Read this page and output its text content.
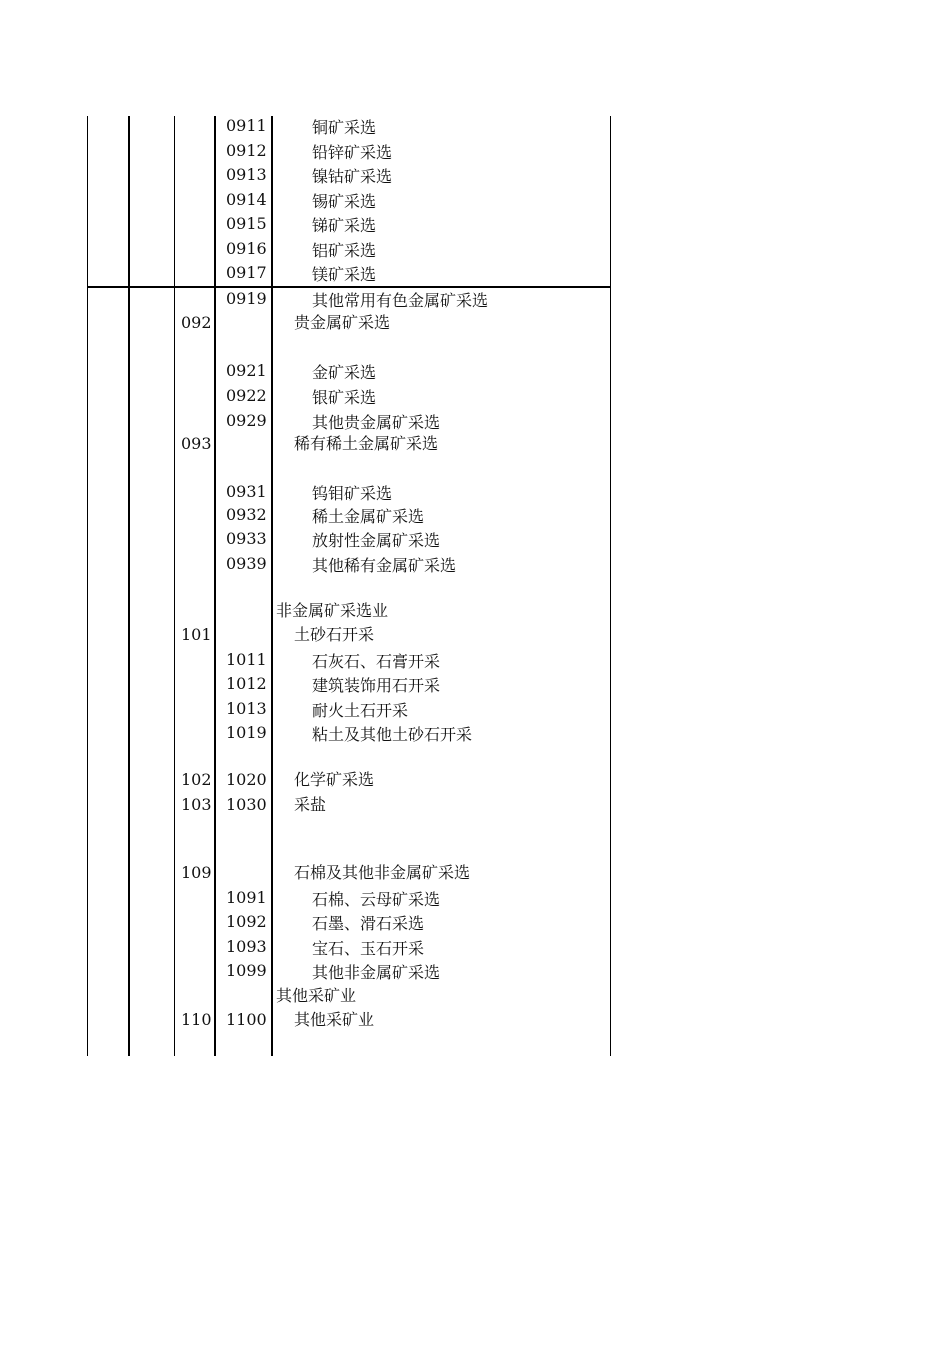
0911	铜矿采选
0912	铅锌矿采选
0913	镍钴矿采选
0914	锡矿采选
0915	锑矿采选
0916	铝矿采选
0917	镁矿采选
0919	其他常用有色金属矿采选
092	贵金属矿采选
0921	金矿采选
0922	银矿采选
0929	其他贵金属矿采选
093	稀有稀土金属矿采选
0931	钨钼矿采选
0932	稀土金属矿采选
0933	放射性金属矿采选
0939	其他稀有金属矿采选
非金属矿采选业
101	土砂石开采
1011	石灰石、石膏开采
1012	建筑装饰用石开采
1013	耐火土石开采
1019	粘土及其他土砂石开采
102 1020 化学矿采选
103 1030 采盐
109	石棉及其他非金属矿采选
1091	石棉、云母矿采选
1092	石墨、滑石采选
1093	宝石、玉石开采
1099	其他非金属矿采选
其他采矿业
110 1100 其他采矿业
